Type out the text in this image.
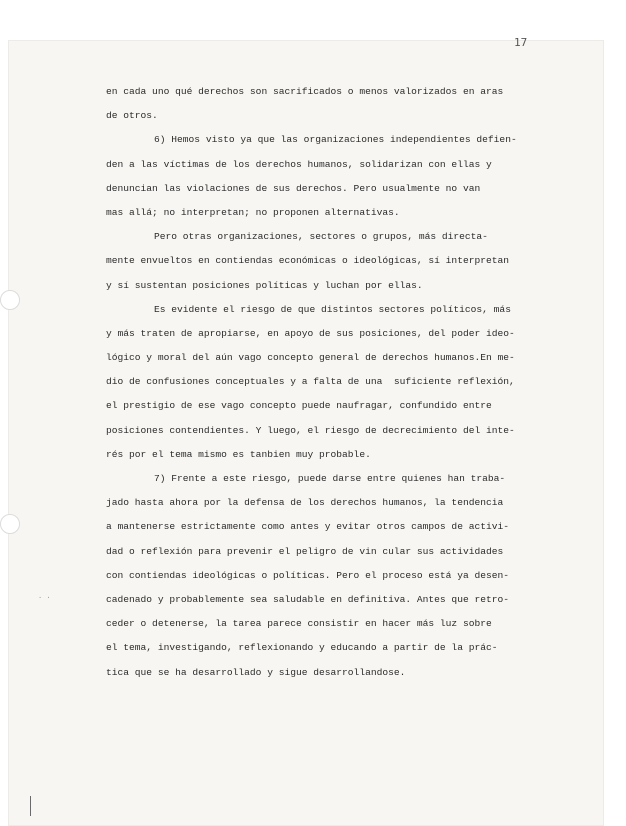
17
· ·
en cada uno qué derechos son sacrificados o menos valorizados en aras
de otros.
6) Hemos visto ya que las organizaciones independientes defien-
den a las víctimas de los derechos humanos, solidarizan con ellas y
denuncian las violaciones de sus derechos. Pero usualmente no van
mas allá; no interpretan; no proponen alternativas.
Pero otras organizaciones, sectores o grupos, más directa-
mente envueltos en contiendas económicas o ideológicas, sí interpretan
y sí sustentan posiciones políticas y luchan por ellas.
Es evidente el riesgo de que distintos sectores políticos, más
y más traten de apropiarse, en apoyo de sus posiciones, del poder ideo-
lógico y moral del aún vago concepto general de derechos humanos.En me-
dio de confusiones conceptuales y a falta de una  suficiente reflexión,
el prestigio de ese vago concepto puede naufragar, confundido entre
posiciones contendientes. Y luego, el riesgo de decrecimiento del inte-
rés por el tema mismo es tanbien muy probable.
7) Frente a este riesgo, puede darse entre quienes han traba-
jado hasta ahora por la defensa de los derechos humanos, la tendencia
a mantenerse estrictamente como antes y evitar otros campos de activi-
dad o reflexión para prevenir el peligro de vin cular sus actividades
con contiendas ideológicas o políticas. Pero el proceso está ya desen-
cadenado y probablemente sea saludable en definitiva. Antes que retro-
ceder o detenerse, la tarea parece consistir en hacer más luz sobre
el tema, investigando, reflexionando y educando a partir de la prác-
tica que se ha desarrollado y sigue desarrollandose.
